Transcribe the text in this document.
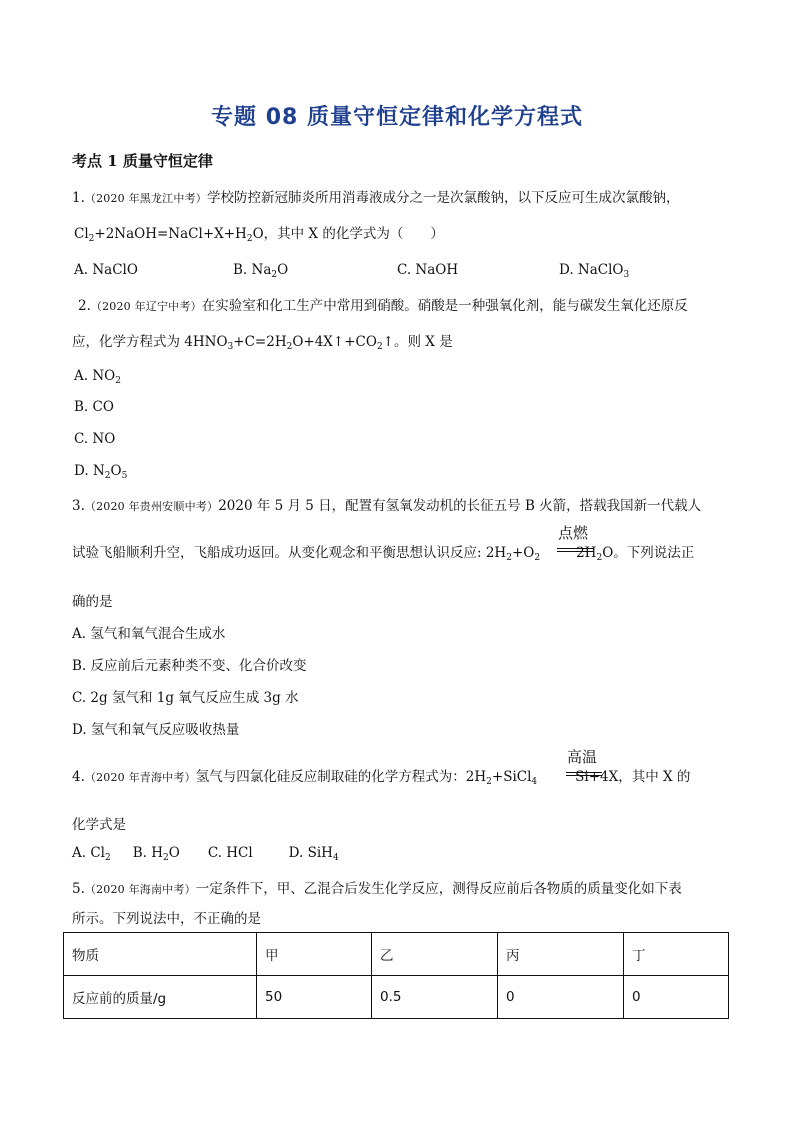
专题 08 质量守恒定律和化学方程式
考点 1 质量守恒定律
1.（2020 年黑龙江中考）学校防控新冠肺炎所用消毒液成分之一是次氯酸钠，以下反应可生成次氯酸钠，
$Cl_2+2NaOH=NaCl+X+H_2O$，其中 X 的化学式为（　　）
A. NaClO	B. $Na_2O$	C. NaOH	D. NaClO$_3$
2.（2020 年辽宁中考）在实验室和化工生产中常用到硝酸。硝酸是一种强氧化剂，能与碳发生氧化还原反
应，化学方程式为 $4HNO_3+C=2H_2O+4X↑+CO_2↑$。则 X 是
A. $NO_2$
B. CO
C. NO
D. $N_2O_5$
3.（2020 年贵州安顺中考）2020 年 5 月 5 日，配置有氢氧发动机的长征五号 B 火箭，搭载我国新一代载人
试验飞船顺利升空，飞船成功返回。从变化观念和平衡思想认识反应: $2H_2+O_2$	$2H_2O$。下列说法正
点燃
确的是
A. 氢气和氧气混合生成水
B. 反应前后元素种类不变、化合价改变
C. 2g 氢气和 1g 氧气反应生成 3g 水
D. 氢气和氧气反应吸收热量
4.（2020 年青海中考）氢气与四氯化硅反应制取硅的化学方程式为：$2H_2+SiCl_4$	Si+4X，其中 X 的
高温
化学式是
A. $Cl_2$ B. $H_2O$ C. HCl	D. SiH$_4$
5.（2020 年海南中考）一定条件下，甲、乙混合后发生化学反应，测得反应前后各物质的质量变化如下表
所示。下列说法中，不正确的是
物质	甲	乙	丙	丁
反应前的质量/g	50	0.5	0	0
